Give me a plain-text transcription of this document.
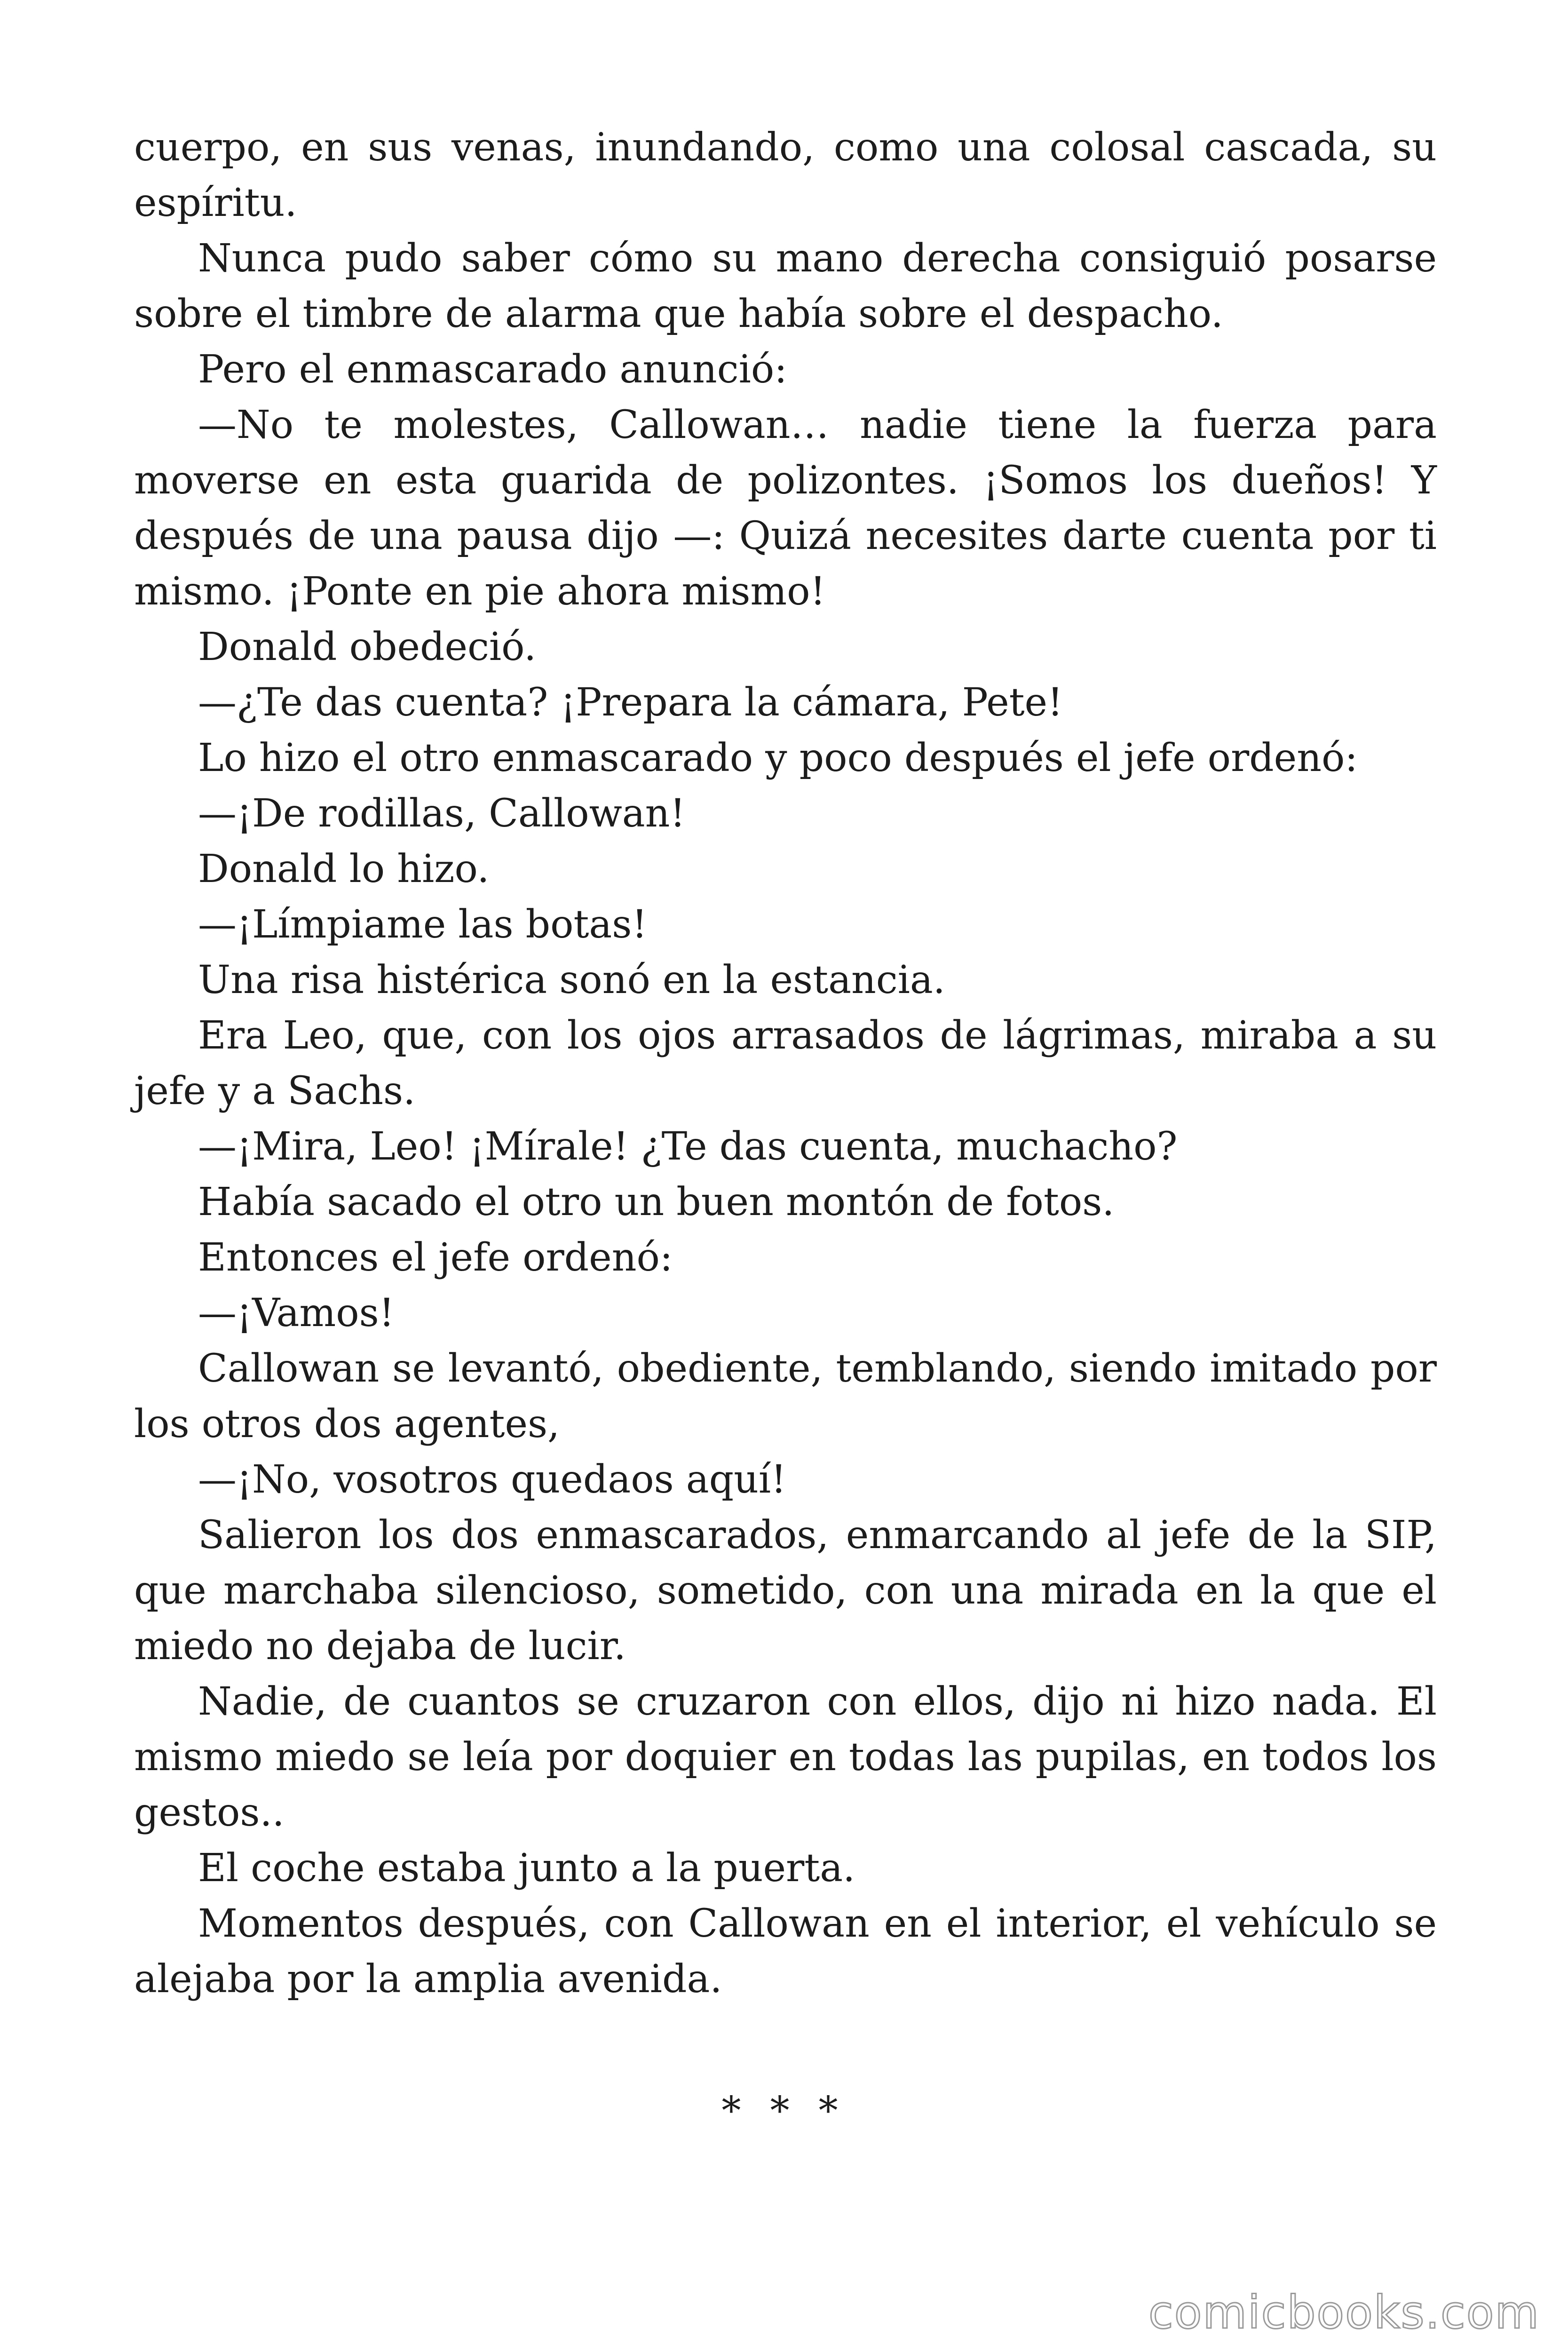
cuerpo, en sus venas, inundando, como una colosal cascada, su espíritu.

Nunca pudo saber cómo su mano derecha consiguió posarse sobre el timbre de alarma que había sobre el despacho.

Pero el enmascarado anunció:

—No te molestes, Callowan… nadie tiene la fuerza para moverse en esta guarida de polizontes. ¡Somos los dueños! Y después de una pausa dijo —: Quizá necesites darte cuenta por ti mismo. ¡Ponte en pie ahora mismo!

Donald obedeció.

—¿Te das cuenta? ¡Prepara la cámara, Pete!

Lo hizo el otro enmascarado y poco después el jefe ordenó:

—¡De rodillas, Callowan!

Donald lo hizo.

—¡Límpiame las botas!

Una risa histérica sonó en la estancia.

Era Leo, que, con los ojos arrasados de lágrimas, miraba a su jefe y a Sachs.

—¡Mira, Leo! ¡Mírale! ¿Te das cuenta, muchacho?

Había sacado el otro un buen montón de fotos.

Entonces el jefe ordenó:

—¡Vamos!

Callowan se levantó, obediente, temblando, siendo imitado por los otros dos agentes,

—¡No, vosotros quedaos aquí!

Salieron los dos enmascarados, enmarcando al jefe de la SIP, que marchaba silencioso, sometido, con una mirada en la que el miedo no dejaba de lucir.

Nadie, de cuantos se cruzaron con ellos, dijo ni hizo nada. El mismo miedo se leía por doquier en todas las pupilas, en todos los gestos..

El coche estaba junto a la puerta.

Momentos después, con Callowan en el interior, el vehículo se alejaba por la amplia avenida.

* * *
comicbooks.com
